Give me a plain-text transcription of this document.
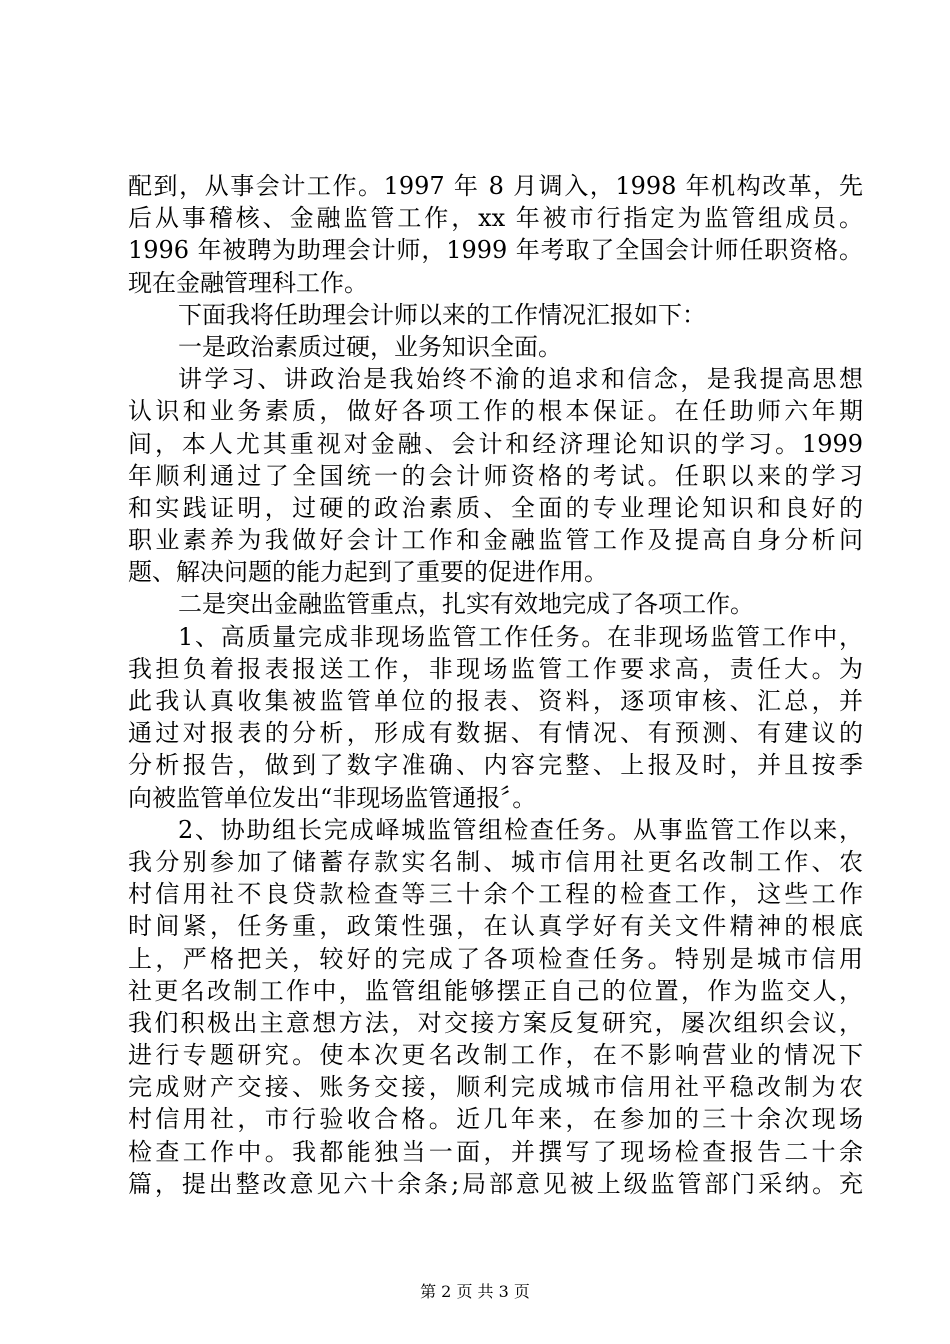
配到，从事会计工作。1997 年 8 月调入，1998 年机构改革，先
后从事稽核、金融监管工作，xx 年被市行指定为监管组成员。
1996 年被聘为助理会计师，1999 年考取了全国会计师任职资格。
现在金融管理科工作。
下面我将任助理会计师以来的工作情况汇报如下：
一是政治素质过硬，业务知识全面。
讲学习、讲政治是我始终不渝的追求和信念，是我提高思想
认识和业务素质，做好各项工作的根本保证。在任助师六年期
间，本人尤其重视对金融、会计和经济理论知识的学习。1999
年顺利通过了全国统一的会计师资格的考试。任职以来的学习
和实践证明，过硬的政治素质、全面的专业理论知识和良好的
职业素养为我做好会计工作和金融监管工作及提高自身分析问
题、解决问题的能力起到了重要的促进作用。
二是突出金融监管重点，扎实有效地完成了各项工作。
1、高质量完成非现场监管工作任务。在非现场监管工作中，
我担负着报表报送工作，非现场监管工作要求高，责任大。为
此我认真收集被监管单位的报表、资料，逐项审核、汇总，并
通过对报表的分析，形成有数据、有情况、有预测、有建议的
分析报告，做到了数字准确、内容完整、上报及时，并且按季
向被监管单位发出“非现场监管通报〞。
2、协助组长完成峄城监管组检查任务。从事监管工作以来，
我分别参加了储蓄存款实名制、城市信用社更名改制工作、农
村信用社不良贷款检查等三十余个工程的检查工作，这些工作
时间紧，任务重，政策性强，在认真学好有关文件精神的根底
上，严格把关，较好的完成了各项检查任务。特别是城市信用
社更名改制工作中，监管组能够摆正自己的位置，作为监交人，
我们积极出主意想方法，对交接方案反复研究，屡次组织会议，
进行专题研究。使本次更名改制工作，在不影响营业的情况下
完成财产交接、账务交接，顺利完成城市信用社平稳改制为农
村信用社，市行验收合格。近几年来，在参加的三十余次现场
检查工作中。我都能独当一面，并撰写了现场检查报告二十余
篇，提出整改意见六十余条;局部意见被上级监管部门采纳。充
第 2 页 共 3 页
